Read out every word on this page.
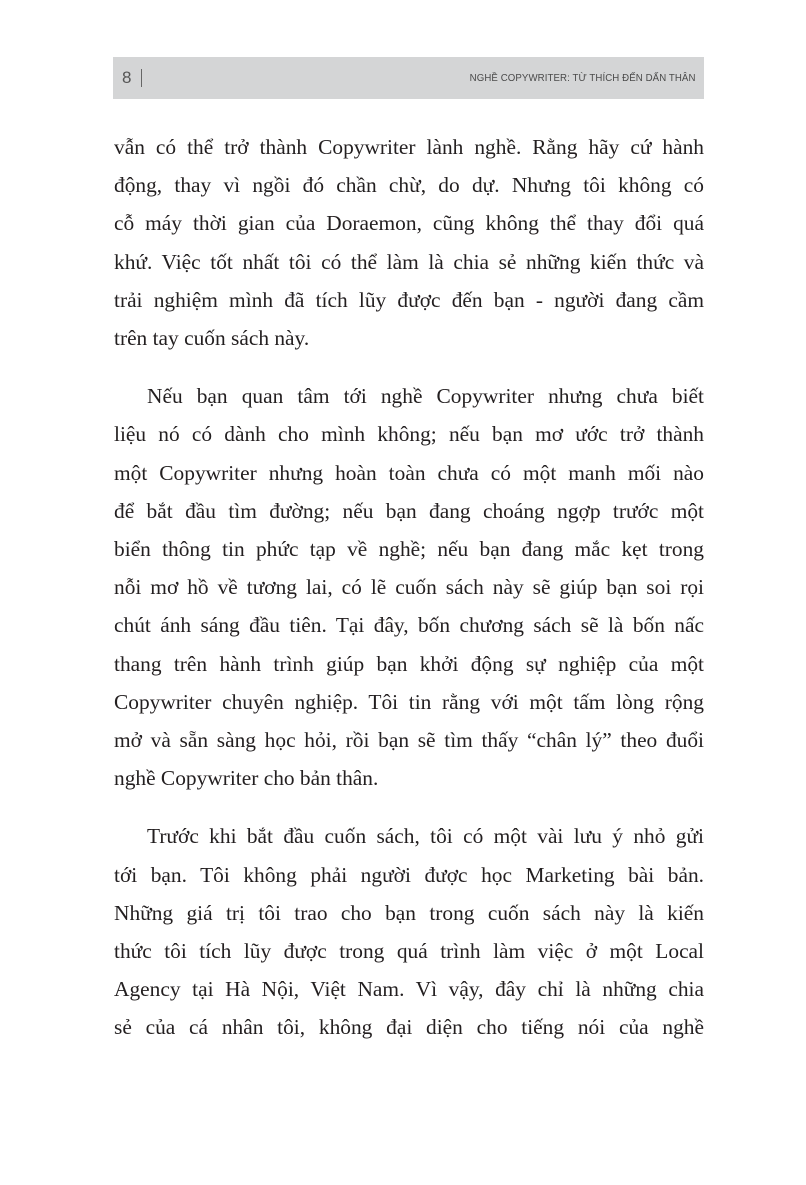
8	NGHỀ COPYWRITER: TỪ THÍCH ĐẾN DẤN THÂN

vẫn có thể trở thành Copywriter lành nghề. Rằng hãy cứ hành
động, thay vì ngồi đó chần chừ, do dự. Nhưng tôi không có
cỗ máy thời gian của Doraemon, cũng không thể thay đổi quá
khứ. Việc tốt nhất tôi có thể làm là chia sẻ những kiến thức và
trải nghiệm mình đã tích lũy được đến bạn - người đang cầm
trên tay cuốn sách này.

Nếu bạn quan tâm tới nghề Copywriter nhưng chưa biết
liệu nó có dành cho mình không; nếu bạn mơ ước trở thành
một Copywriter nhưng hoàn toàn chưa có một manh mối nào
để bắt đầu tìm đường; nếu bạn đang choáng ngợp trước một
biển thông tin phức tạp về nghề; nếu bạn đang mắc kẹt trong
nỗi mơ hồ về tương lai, có lẽ cuốn sách này sẽ giúp bạn soi rọi
chút ánh sáng đầu tiên. Tại đây, bốn chương sách sẽ là bốn nấc
thang trên hành trình giúp bạn khởi động sự nghiệp của một
Copywriter chuyên nghiệp. Tôi tin rằng với một tấm lòng rộng
mở và sẵn sàng học hỏi, rồi bạn sẽ tìm thấy “chân lý” theo đuổi
nghề Copywriter cho bản thân.

Trước khi bắt đầu cuốn sách, tôi có một vài lưu ý nhỏ gửi
tới bạn. Tôi không phải người được học Marketing bài bản.
Những giá trị tôi trao cho bạn trong cuốn sách này là kiến
thức tôi tích lũy được trong quá trình làm việc ở một Local
Agency tại Hà Nội, Việt Nam. Vì vậy, đây chỉ là những chia
sẻ của cá nhân tôi, không đại diện cho tiếng nói của nghề
